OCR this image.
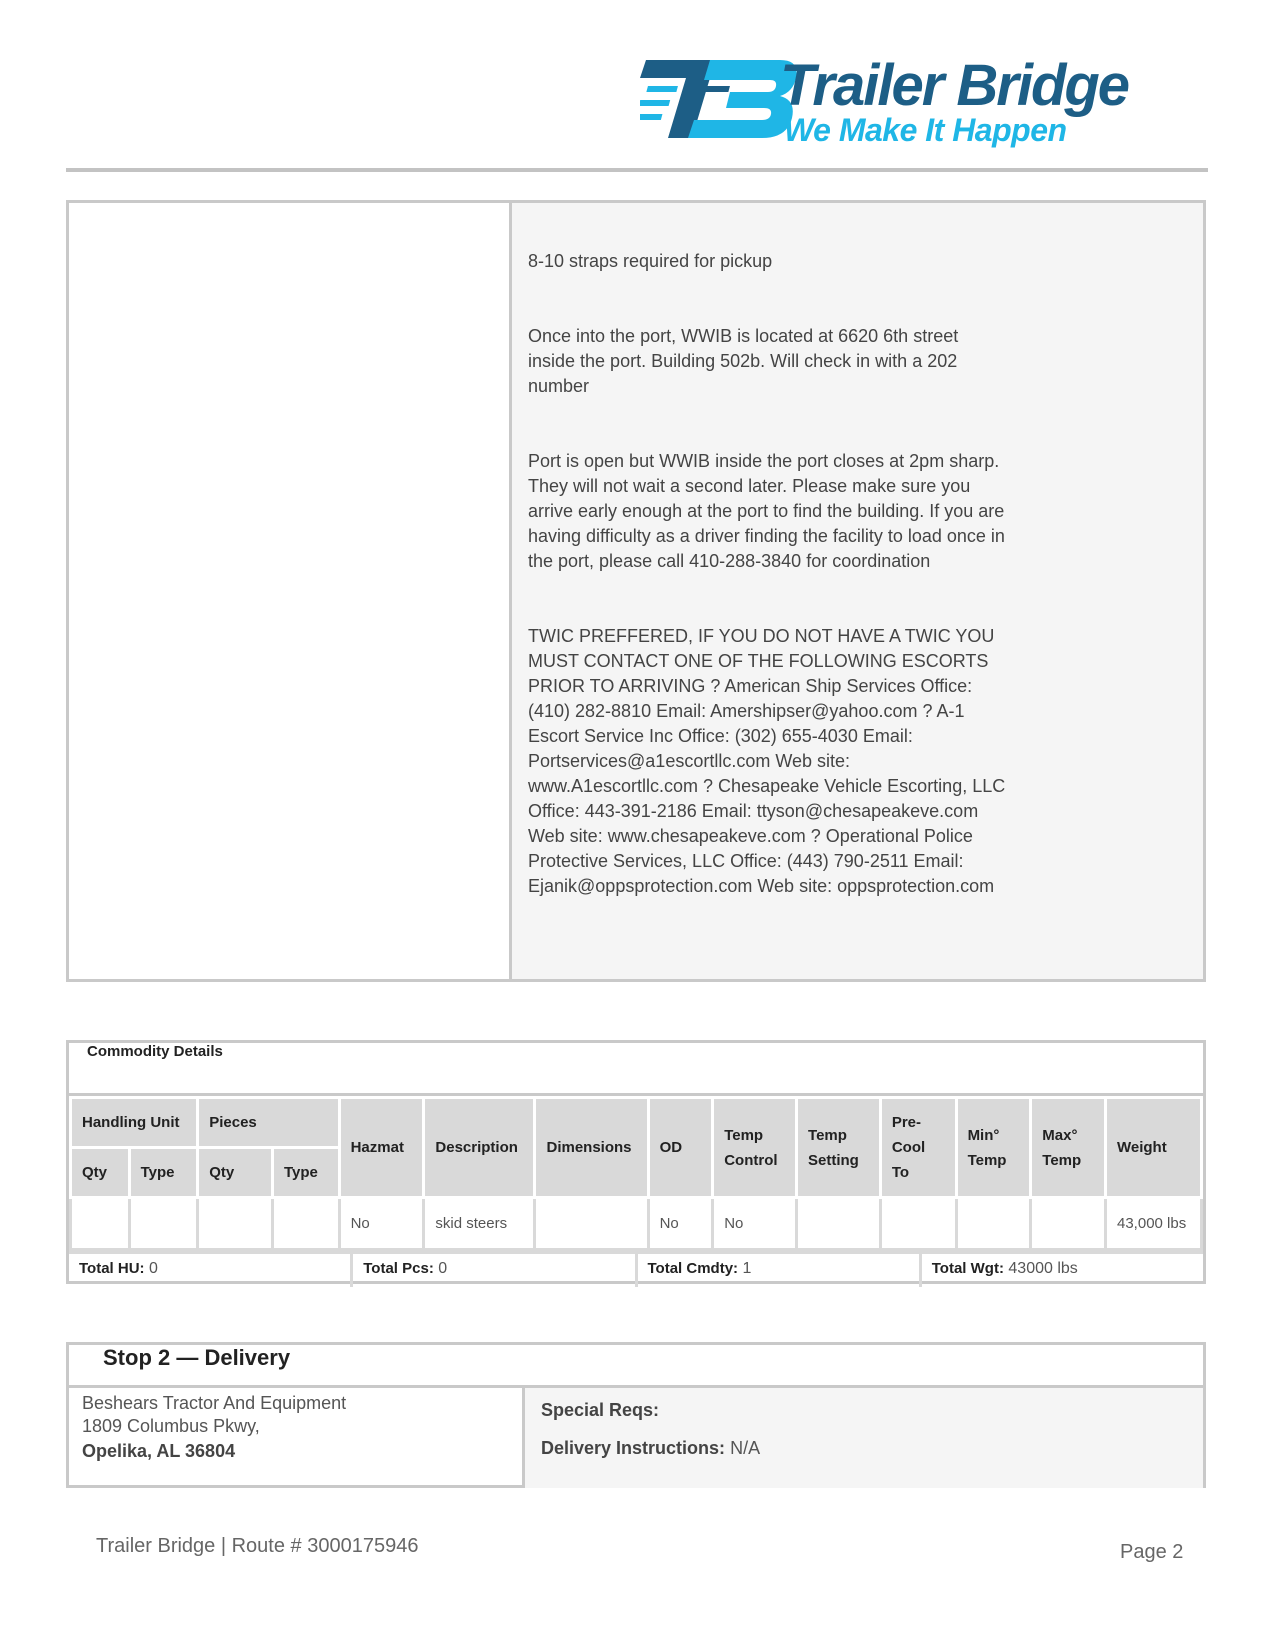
Trailer Bridge
We Make It Happen
8-10 straps required for pickup
Once into the port, WWIB is located at 6620 6th street inside the port. Building 502b. Will check in with a 202 number
Port is open but WWIB inside the port closes at 2pm sharp. They will not wait a second later. Please make sure you arrive early enough at the port to find the building. If you are having difficulty as a driver finding the facility to load once in the port, please call 410-288-3840 for coordination
TWIC PREFFERED, IF YOU DO NOT HAVE A TWIC YOU MUST CONTACT ONE OF THE FOLLOWING ESCORTS PRIOR TO ARRIVING ? American Ship Services Office: (410) 282-8810 Email: Amershipser@yahoo.com ? A-1 Escort Service Inc Office: (302) 655-4030 Email: Portservices@a1escortllc.com Web site: www.A1escortllc.com ? Chesapeake Vehicle Escorting, LLC Office: 443-391-2186 Email: ttyson@chesapeakeve.com Web site: www.chesapeakeve.com ? Operational Police Protective Services, LLC Office: (443) 790-2511 Email: Ejanik@oppsprotection.com Web site: oppsprotection.com
Commodity Details
Handling Unit		Pieces		Hazmat	Description	Dimensions	OD	Temp Control	Temp Setting	Pre-Cool To	Min° Temp	Max° Temp	Weight
Qty	Type	Qty	Type										
				No	skid steers		No	No					43,000 lbs
Total HU: 0	Total Pcs: 0	Total Cmdty: 1	Total Wgt: 43000 lbs
Stop 2 — Delivery
Beshears Tractor And Equipment
1809 Columbus Pkwy,
Opelika, AL 36804
Special Reqs:
Delivery Instructions: N/A
Trailer Bridge | Route # 3000175946	Page 2
